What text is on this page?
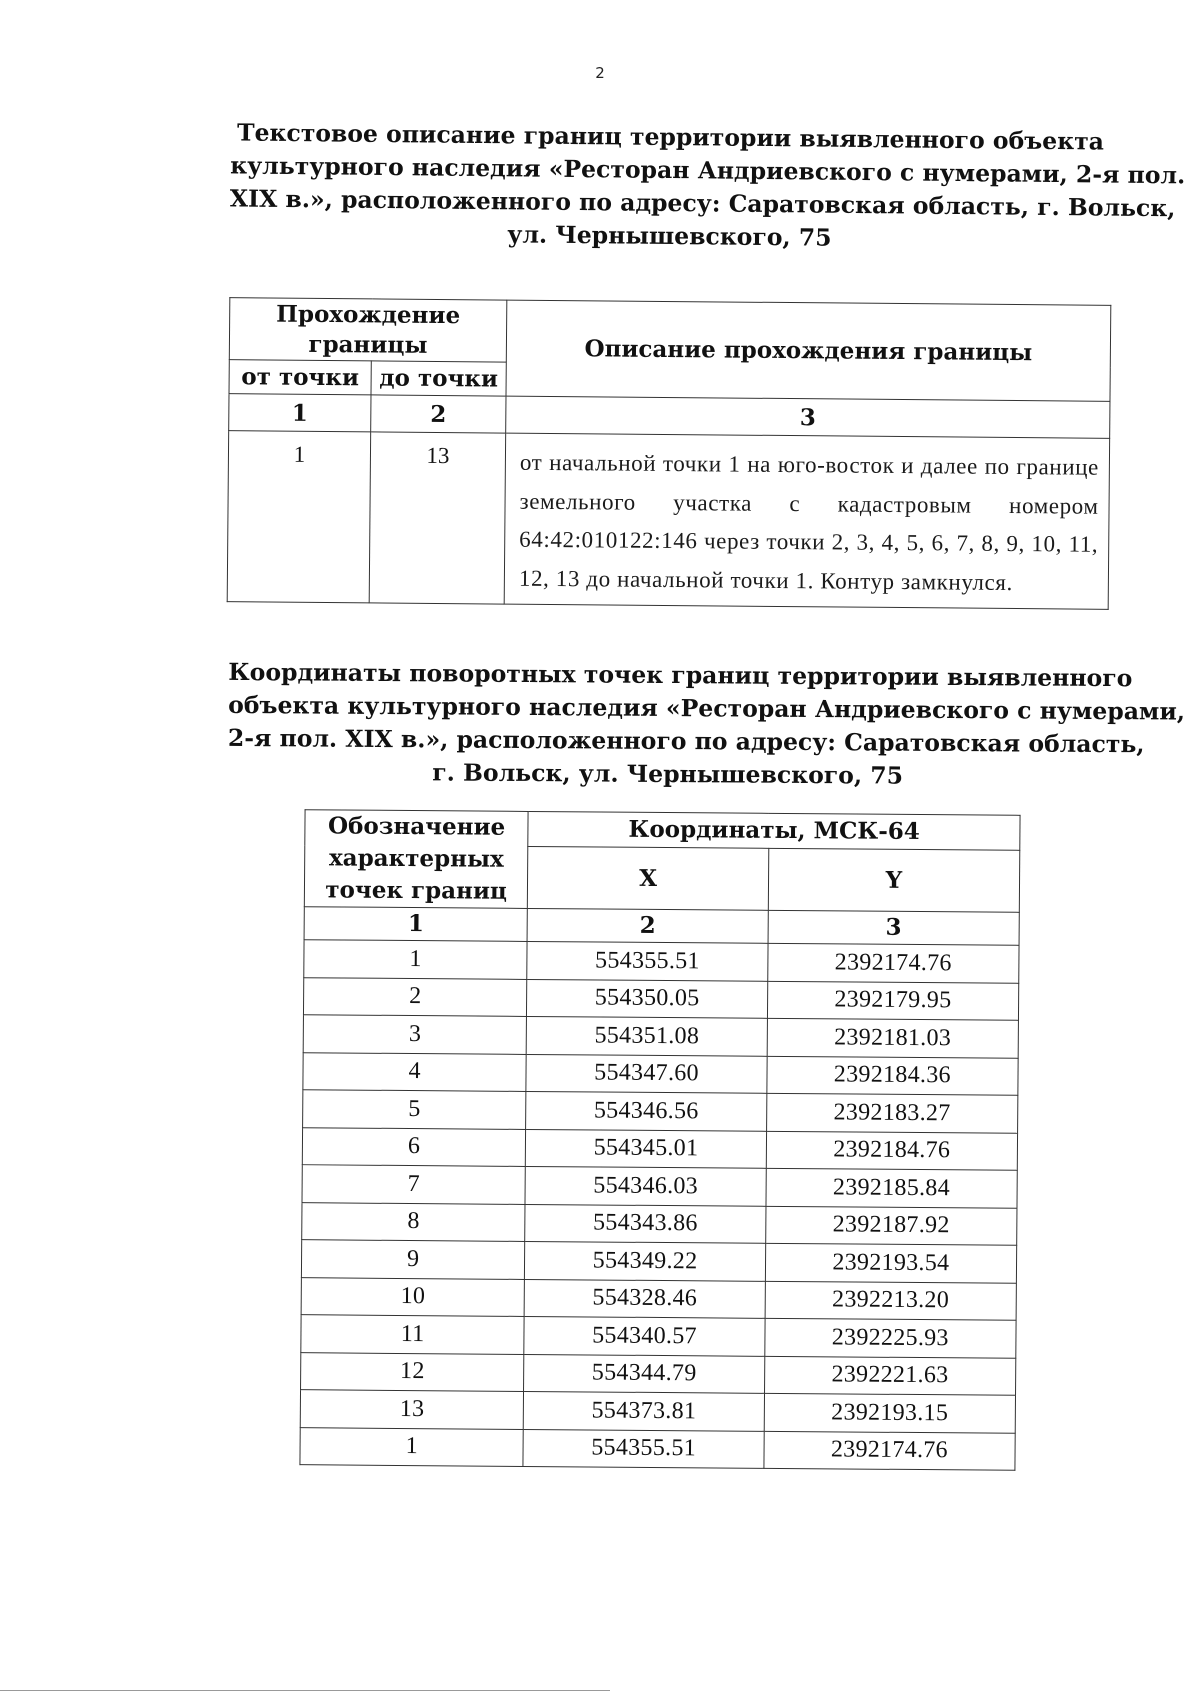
2
Текстовое описание границ территории выявленного объекта
культурного наследия «Ресторан Андриевского с нумерами, 2-я пол.
XIX в.», расположенного по адресу: Саратовская область, г. Вольск,
ул. Чернышевского, 75
Прохождение
границы		Описание прохождения границы
от точки	до точки	
1	2	3
1	13	от начальной точки 1 на юго-восток и далее по границе земельного участка с кадастровым номером 64:42:010122:146 через точки 2, 3, 4, 5, 6, 7, 8, 9, 10, 11, 12, 13 до начальной точки 1. Контур замкнулся.
Координаты поворотных точек границ территории выявленного
объекта культурного наследия «Ресторан Андриевского с нумерами,
2-я пол. XIX в.», расположенного по адресу: Саратовская область,
г. Вольск, ул. Чернышевского, 75
Обозначение
характерных
точек границ	Координаты, МСК-64	
	X	Y
1	2	3
1	554355.51	2392174.76
2	554350.05	2392179.95
3	554351.08	2392181.03
4	554347.60	2392184.36
5	554346.56	2392183.27
6	554345.01	2392184.76
7	554346.03	2392185.84
8	554343.86	2392187.92
9	554349.22	2392193.54
10	554328.46	2392213.20
11	554340.57	2392225.93
12	554344.79	2392221.63
13	554373.81	2392193.15
1	554355.51	2392174.76
